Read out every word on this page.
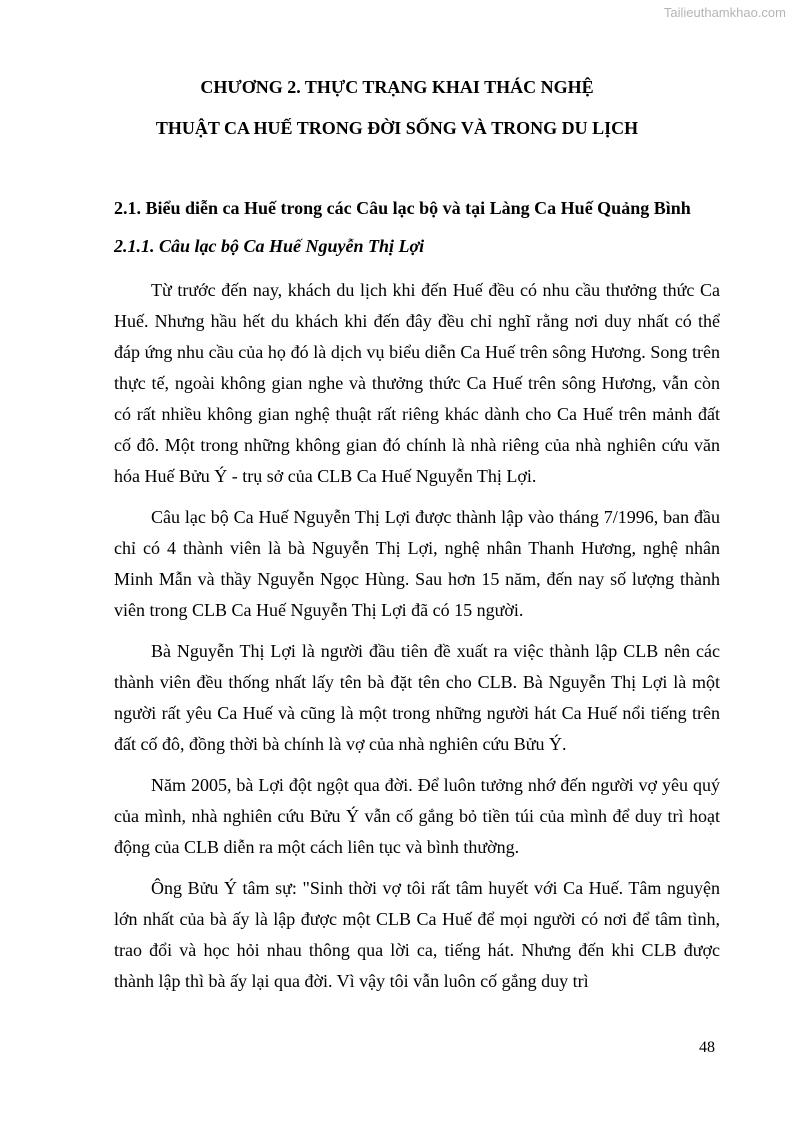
Tailieuthamkhao.com
CHƯƠNG 2. THỰC TRẠNG KHAI THÁC NGHỆ
THUẬT CA HUẾ TRONG ĐỜI SỐNG VÀ TRONG DU LỊCH
2.1. Biểu diễn ca Huế trong các Câu lạc bộ và tại Làng Ca Huế Quảng Bình
2.1.1. Câu lạc bộ Ca Huế Nguyễn Thị Lợi

Từ trước đến nay, khách du lịch khi đến Huế đều có nhu cầu thưởng thức Ca Huế. Nhưng hầu hết du khách khi đến đây đều chỉ nghĩ rằng nơi duy nhất có thể đáp ứng nhu cầu của họ đó là dịch vụ biểu diễn Ca Huế trên sông Hương. Song trên thực tế, ngoài không gian nghe và thưởng thức Ca Huế trên sông Hương, vẫn còn có rất nhiều không gian nghệ thuật rất riêng khác dành cho Ca Huế trên mảnh đất cố đô. Một trong những không gian đó chính là nhà riêng của nhà nghiên cứu văn hóa Huế Bửu Ý - trụ sở của CLB Ca Huế Nguyễn Thị Lợi.

Câu lạc bộ Ca Huế Nguyễn Thị Lợi được thành lập vào tháng 7/1996, ban đầu chỉ có 4 thành viên là bà Nguyễn Thị Lợi, nghệ nhân Thanh Hương, nghệ nhân Minh Mẫn và thầy Nguyễn Ngọc Hùng. Sau hơn 15 năm, đến nay số lượng thành viên trong CLB Ca Huế Nguyễn Thị Lợi đã có 15 người.

Bà Nguyễn Thị Lợi là người đầu tiên đề xuất ra việc thành lập CLB nên các thành viên đều thống nhất lấy tên bà đặt tên cho CLB. Bà Nguyễn Thị Lợi là một người rất yêu Ca Huế và cũng là một trong những người hát Ca Huế nổi tiếng trên đất cố đô, đồng thời bà chính là vợ của nhà nghiên cứu Bửu Ý.

Năm 2005, bà Lợi đột ngột qua đời. Để luôn tưởng nhớ đến người vợ yêu quý của mình, nhà nghiên cứu Bửu Ý vẫn cố gắng bỏ tiền túi của mình để duy trì hoạt động của CLB diễn ra một cách liên tục và bình thường.

Ông Bửu Ý tâm sự: "Sinh thời vợ tôi rất tâm huyết với Ca Huế. Tâm nguyện lớn nhất của bà ấy là lập được một CLB Ca Huế để mọi người có nơi để tâm tình, trao đổi và học hỏi nhau thông qua lời ca, tiếng hát. Nhưng đến khi CLB được thành lập thì bà ấy lại qua đời. Vì vậy tôi vẫn luôn cố gắng duy trì

48
